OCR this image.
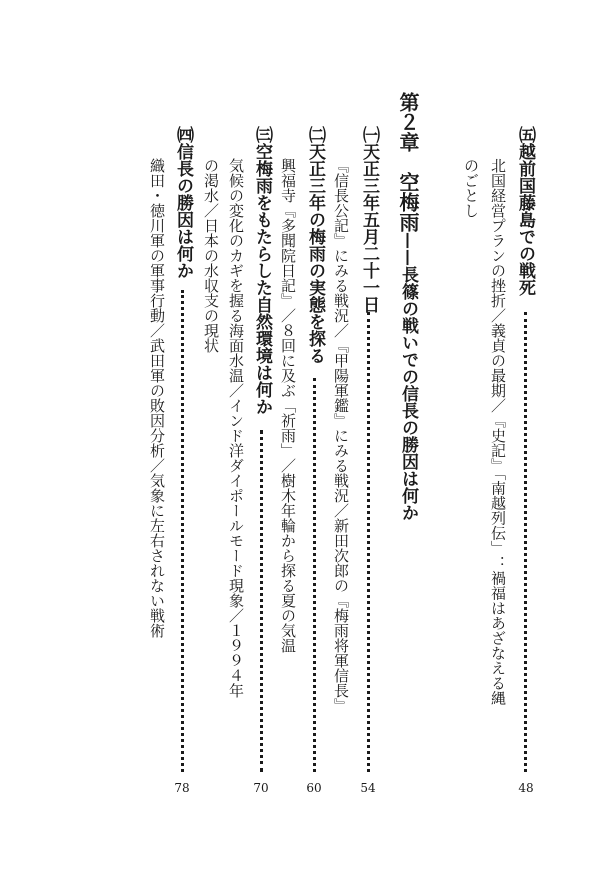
㈤越前国藤島での戦死
48
北国経営プランの挫折／義貞の最期／『史記』「南越列伝」：禍福はあざなえる縄
のごとし
第２章空梅雨——長篠の戦いでの信長の勝因は何か
㈠天正三年五月二十一日
54
『信長公記』にみる戦況／『甲陽軍鑑』にみる戦況／新田次郎の『梅雨将軍信長』
㈡天正三年の梅雨の実態を探る
60
興福寺『多聞院日記』／８回に及ぶ「祈雨」／樹木年輪から探る夏の気温
㈢空梅雨をもたらした自然環境は何か
70
気候の変化のカギを握る海面水温／インド洋ダイポールモード現象／１９９４年
の渇水／日本の水収支の現状
㈣信長の勝因は何か
78
織田・徳川軍の軍事行動／武田軍の敗因分析／気象に左右されない戦術
